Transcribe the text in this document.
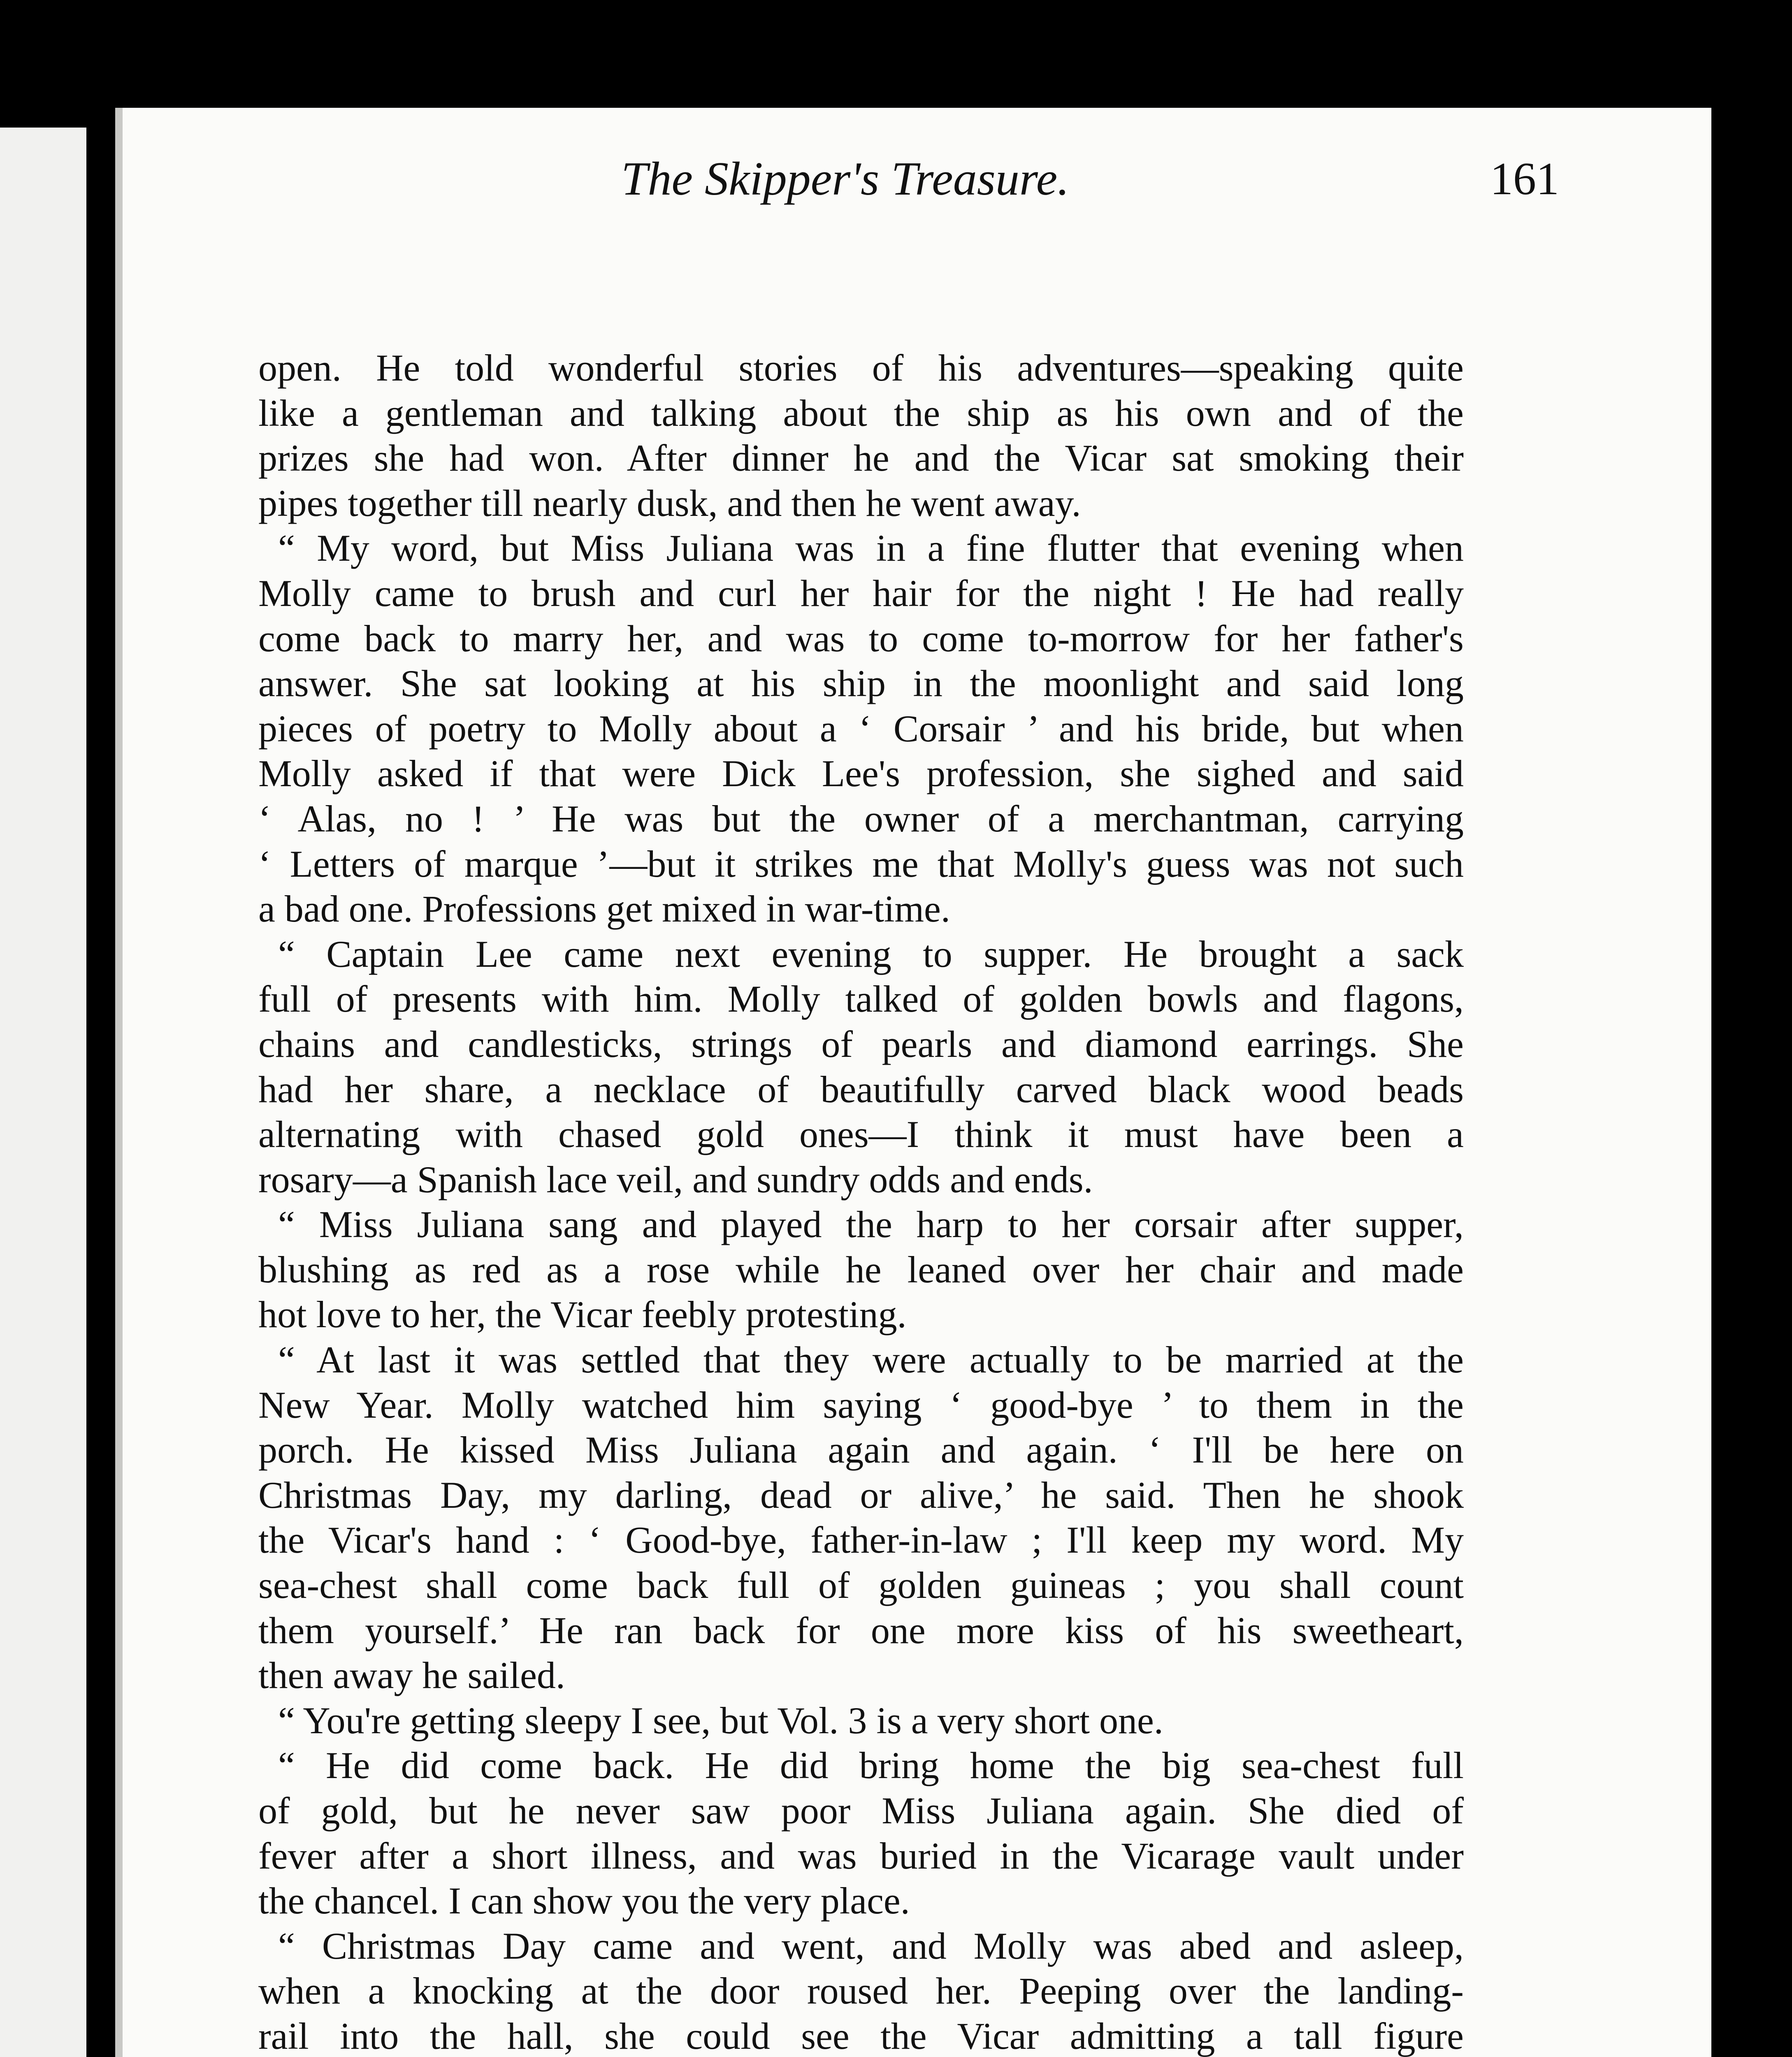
The Skipper's Treasure.	161
open. He told wonderful stories of his adventures—speaking quite
like a gentleman and talking about the ship as his own and of the
prizes she had won. After dinner he and the Vicar sat smoking their
pipes together till nearly dusk, and then he went away.
“ My word, but Miss Juliana was in a fine flutter that evening when
Molly came to brush and curl her hair for the night ! He had really
come back to marry her, and was to come to-morrow for her father's
answer. She sat looking at his ship in the moonlight and said long
pieces of poetry to Molly about a ‘ Corsair ’ and his bride, but when
Molly asked if that were Dick Lee's profession, she sighed and said
‘ Alas, no ! ’ He was but the owner of a merchantman, carrying
‘ Letters of marque ’—but it strikes me that Molly's guess was not such
a bad one. Professions get mixed in war-time.
“ Captain Lee came next evening to supper. He brought a sack
full of presents with him. Molly talked of golden bowls and flagons,
chains and candlesticks, strings of pearls and diamond earrings. She
had her share, a necklace of beautifully carved black wood beads
alternating with chased gold ones—I think it must have been a
rosary—a Spanish lace veil, and sundry odds and ends.
“ Miss Juliana sang and played the harp to her corsair after supper,
blushing as red as a rose while he leaned over her chair and made
hot love to her, the Vicar feebly protesting.
“ At last it was settled that they were actually to be married at the
New Year. Molly watched him saying ‘ good-bye ’ to them in the
porch. He kissed Miss Juliana again and again. ‘ I'll be here on
Christmas Day, my darling, dead or alive,’ he said. Then he shook
the Vicar's hand : ‘ Good-bye, father-in-law ; I'll keep my word. My
sea-chest shall come back full of golden guineas ; you shall count
them yourself.’ He ran back for one more kiss of his sweetheart,
then away he sailed.
“ You're getting sleepy I see, but Vol. 3 is a very short one.
“ He did come back. He did bring home the big sea-chest full
of gold, but he never saw poor Miss Juliana again. She died of
fever after a short illness, and was buried in the Vicarage vault under
the chancel. I can show you the very place.
“ Christmas Day came and went, and Molly was abed and asleep,
when a knocking at the door roused her. Peeping over the landing-
rail into the hall, she could see the Vicar admitting a tall figure
